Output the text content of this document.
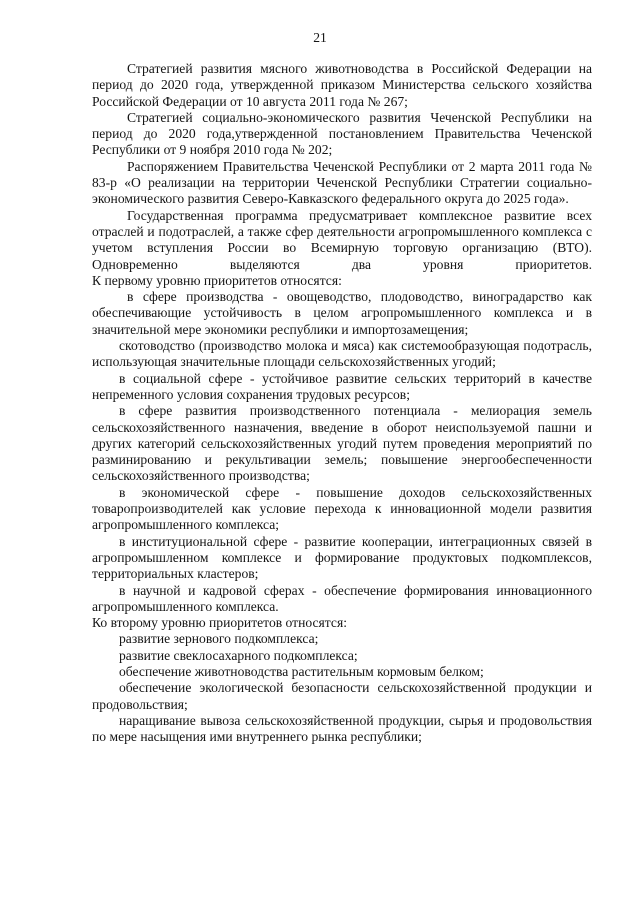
21

Стратегией развития мясного животноводства в Российской Федерации на период до 2020 года, утвержденной приказом Министерства сельского хозяйства Российской Федерации от 10 августа 2011 года № 267;

Стратегией социально-экономического развития Чеченской Республики на период до 2020 года,утвержденной постановлением Правительства Чеченской Республики от 9 ноября 2010 года № 202;

Распоряжением Правительства Чеченской Республики от 2 марта 2011 года № 83-р «О реализации на территории Чеченской Республики Стратегии социально-экономического развития Северо-Кавказского федерального округа до 2025 года».

Государственная программа предусматривает комплексное развитие всех отраслей и подотраслей, а также сфер деятельности агропромышленного комплекса с учетом вступления России во Всемирную торговую организацию (ВТО). Одновременно выделяются два уровня приоритетов.

К первому уровню приоритетов относятся:

в сфере производства - овощеводство, плодоводство, виноградарство как обеспечивающие устойчивость в целом агропромышленного комплекса и в значительной мере экономики республики и импортозамещения;

скотоводство (производство молока и мяса) как системообразующая подотрасль, использующая значительные площади сельскохозяйственных угодий;

в социальной сфере - устойчивое развитие сельских территорий в качестве непременного условия сохранения трудовых ресурсов;

в сфере развития производственного потенциала - мелиорация земель сельскохозяйственного назначения, введение в оборот неиспользуемой пашни и других категорий сельскохозяйственных угодий путем проведения мероприятий по разминированию и рекультивации земель; повышение энергообеспеченности сельскохозяйственного производства;

в экономической сфере - повышение доходов сельскохозяйственных товаропроизводителей как условие перехода к инновационной модели развития агропромышленного комплекса;

в институциональной сфере - развитие кооперации, интеграционных связей в агропромышленном комплексе и формирование продуктовых подкомплексов, территориальных кластеров;

в научной и кадровой сферах - обеспечение формирования инновационного агропромышленного комплекса.

Ко второму уровню приоритетов относятся:

развитие зернового подкомплекса;

развитие свеклосахарного подкомплекса;

обеспечение животноводства растительным кормовым белком;

обеспечение экологической безопасности сельскохозяйственной продукции и продовольствия;

наращивание вывоза сельскохозяйственной продукции, сырья и продовольствия по мере насыщения ими внутреннего рынка республики;
